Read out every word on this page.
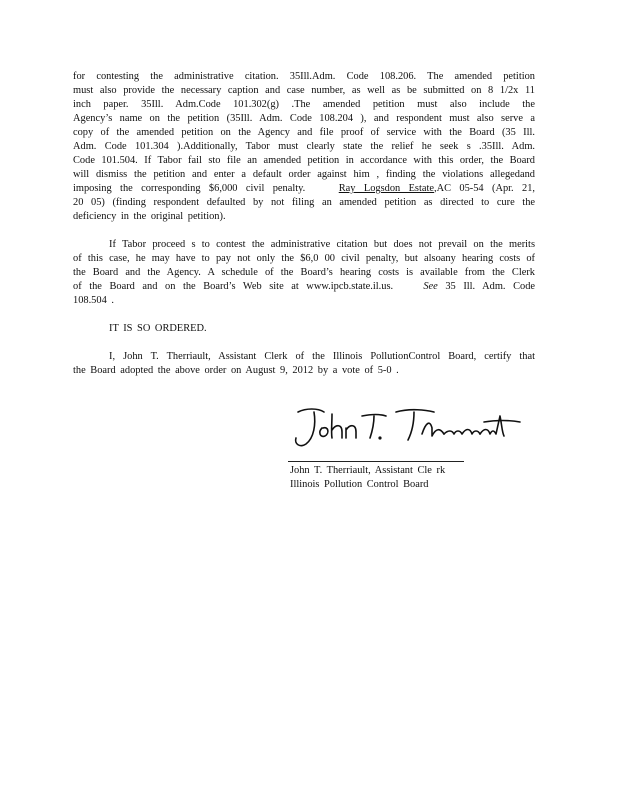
for contesting the administrative citation. 35Ill.Adm. Code 108.206. The amended petition
must also provide the necessary caption and case number, as well as be submitted on 8 1/2x 11
inch paper. 35Ill. Adm.Code 101.302(g) .The amended petition must also include the
Agency’s name on the petition (35Ill. Adm. Code 108.204 ), and respondent must also serve a
copy of the amended petition on the Agency and file proof of service with the Board (35 Ill.
Adm. Code 101.304 ).Additionally, Tabor must clearly state the relief he seek s .35Ill. Adm.
Code 101.504. If Tabor fail sto file an amended petition in accordance with this order, the Board
will dismiss the petition and enter a default order against him , finding the violations allegedand
imposing the corresponding $6,000 civil penalty.	Ray Logsdon Estate,AC 05-54 (Apr. 21,
20 05) (finding respondent defaulted by not filing an amended petition as directed to cure the
deficiency in the original petition).

If Tabor proceed s to contest the administrative citation but does not prevail on the merits
of this case, he may have to pay not only the $6,0 00 civil penalty, but alsoany hearing costs of
the Board and the Agency. A schedule of the Board’s hearing costs is available from the Clerk
of the Board and on the Board’s Web site at www.ipcb.state.il.us.	See 35 Ill. Adm. Code
108.504 .

IT IS SO ORDERED.

I, John T. Therriault, Assistant Clerk of the Illinois PollutionControl Board, certify that
the Board adopted the above order on August 9, 2012 by a vote of 5-0 .

John T. Therriault, Assistant Cle rk
Illinois Pollution Control Board
